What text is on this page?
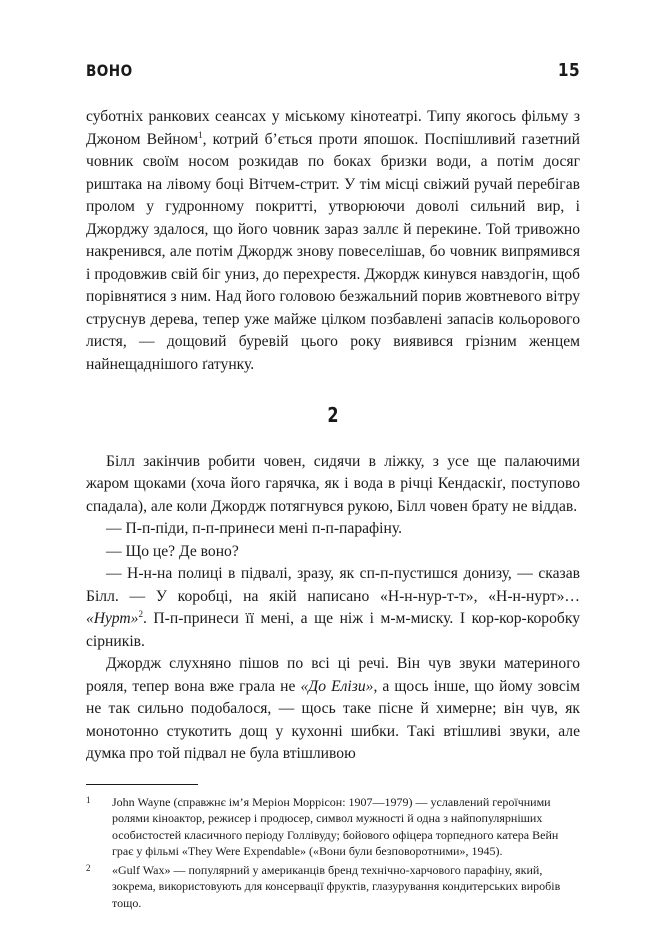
ВОНО	15

суботніх ранкових сеансах у міському кінотеатрі. Типу якогось фільму з Джоном Вейном$^1$, котрий б’ється проти япошок. Поспішливий газетний човник своїм носом розкидав по боках бризки води, а потім досяг риштака на лівому боці Вітчем-стрит. У тім місці свіжий ручай перебігав пролом у гудронному покритті, утворюючи доволі сильний вир, і Джорджу здалося, що його човник зараз заллє й перекине. Той тривожно накренився, але потім Джордж знову повеселішав, бо човник випрямився і продовжив свій біг униз, до перехрестя. Джордж кинувся навздогін, щоб порівнятися з ним. Над його головою безжальний порив жовтневого вітру струснув дерева, тепер уже майже цілком позбавлені запасів кольорового листя, — дощовий буревій цього року виявився грізним женцем найнещаднішого ґатунку.

2

Білл закінчив робити човен, сидячи в ліжку, з усе ще палаючими жаром щоками (хоча його гарячка, як і вода в річці Кендаскіґ, поступово спадала), але коли Джордж потягнувся рукою, Білл човен брату не віддав.

— П-п-піди, п-п-принеси мені п-п-парафіну.

— Що це? Де воно?

— Н-н-на полиці в підвалі, зразу, як сп-п-пустишся донизу, — сказав Білл. — У коробці, на якій написано «Н-н-нур-т-т», «Н-н-нурт»… «Нурт»$^2$. П-п-принеси її мені, а ще ніж і м-м-миску. І кор-кор-коробку сірників.

Джордж слухняно пішов по всі ці речі. Він чув звуки материного рояля, тепер вона вже грала не «До Елізи», а щось інше, що йому зовсім не так сильно подобалося, — щось таке пісне й химерне; він чув, як монотонно стукотить дощ у кухонні шибки. Такі втішливі звуки, але думка про той підвал не була втішливою

1 John Wayne (справжнє ім’я Меріон Моррісон: 1907—1979) — уславлений героїчними ролями кіноактор, режисер і продюсер, символ мужності й одна з найпопулярніших особистостей класичного періоду Голлівуду; бойового офіцера торпедного катера Вейн грає у фільмі «They Were Expendable» («Вони були безповоротними», 1945).
2 «Gulf Wax» — популярний у американців бренд технічно-харчового парафіну, який, зокрема, використовують для консервації фруктів, глазурування кондитерських виробів тощо.
